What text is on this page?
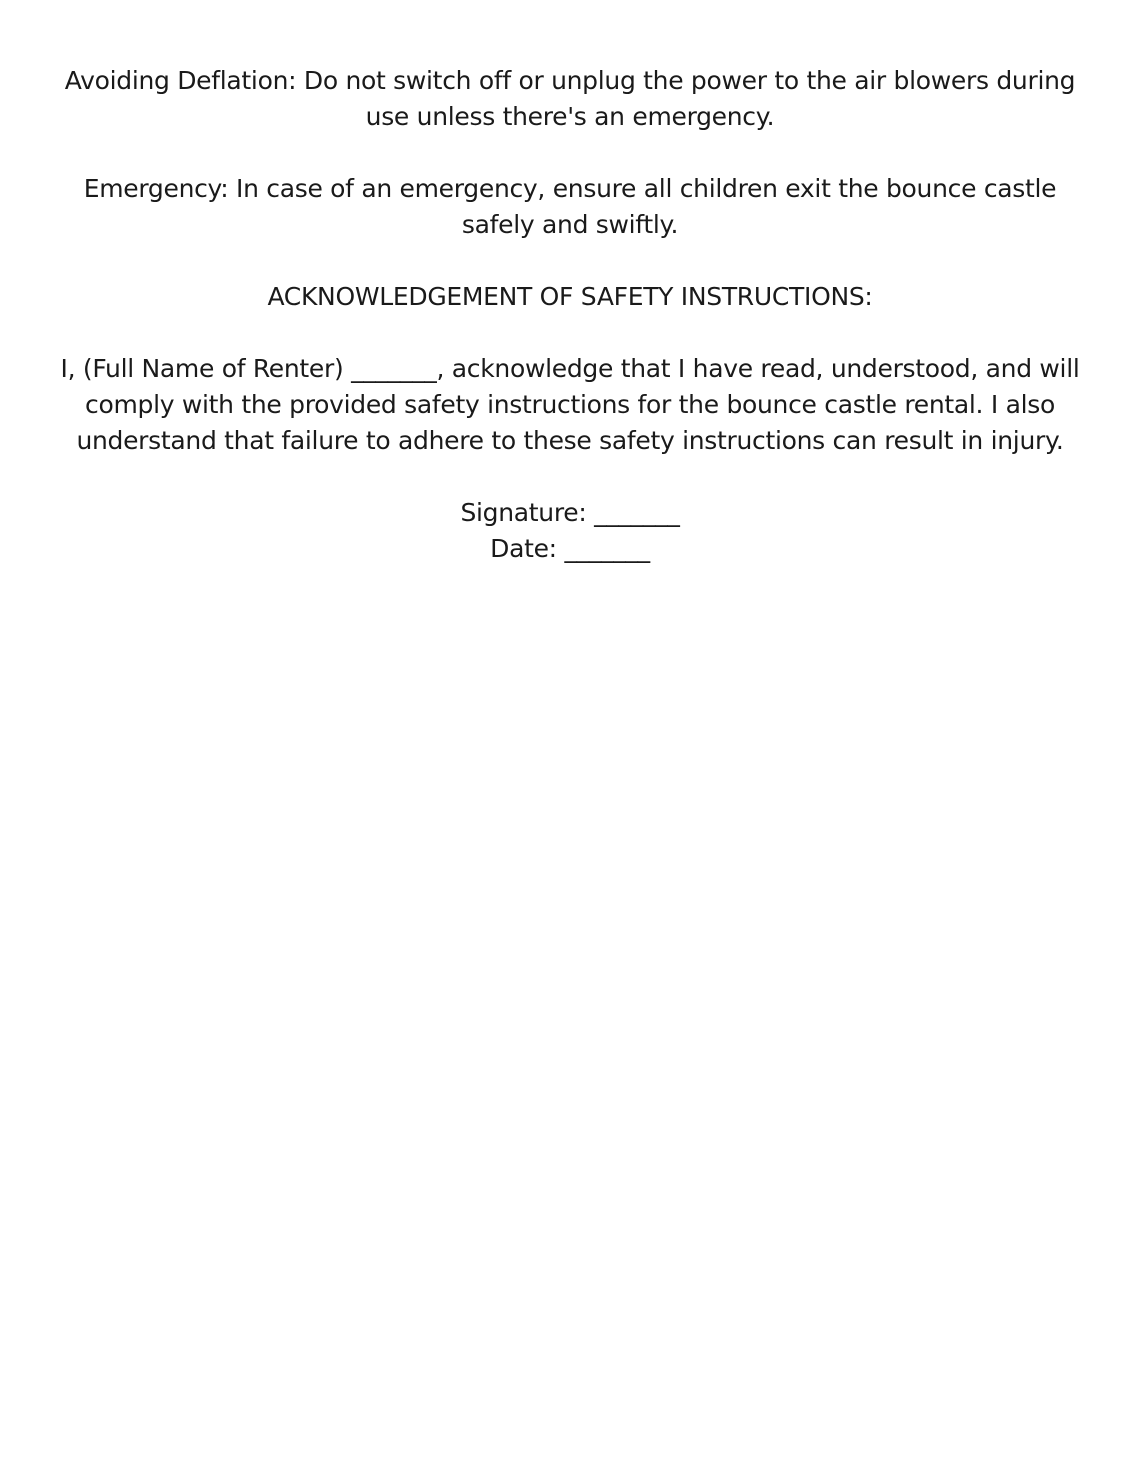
Avoiding Deflation: Do not switch off or unplug the power to the air blowers during
use unless there's an emergency.

Emergency: In case of an emergency, ensure all children exit the bounce castle
safely and swiftly.

ACKNOWLEDGEMENT OF SAFETY INSTRUCTIONS:

I, (Full Name of Renter) _______, acknowledge that I have read, understood, and will
comply with the provided safety instructions for the bounce castle rental. I also
understand that failure to adhere to these safety instructions can result in injury.

Signature: _______
Date: _______
